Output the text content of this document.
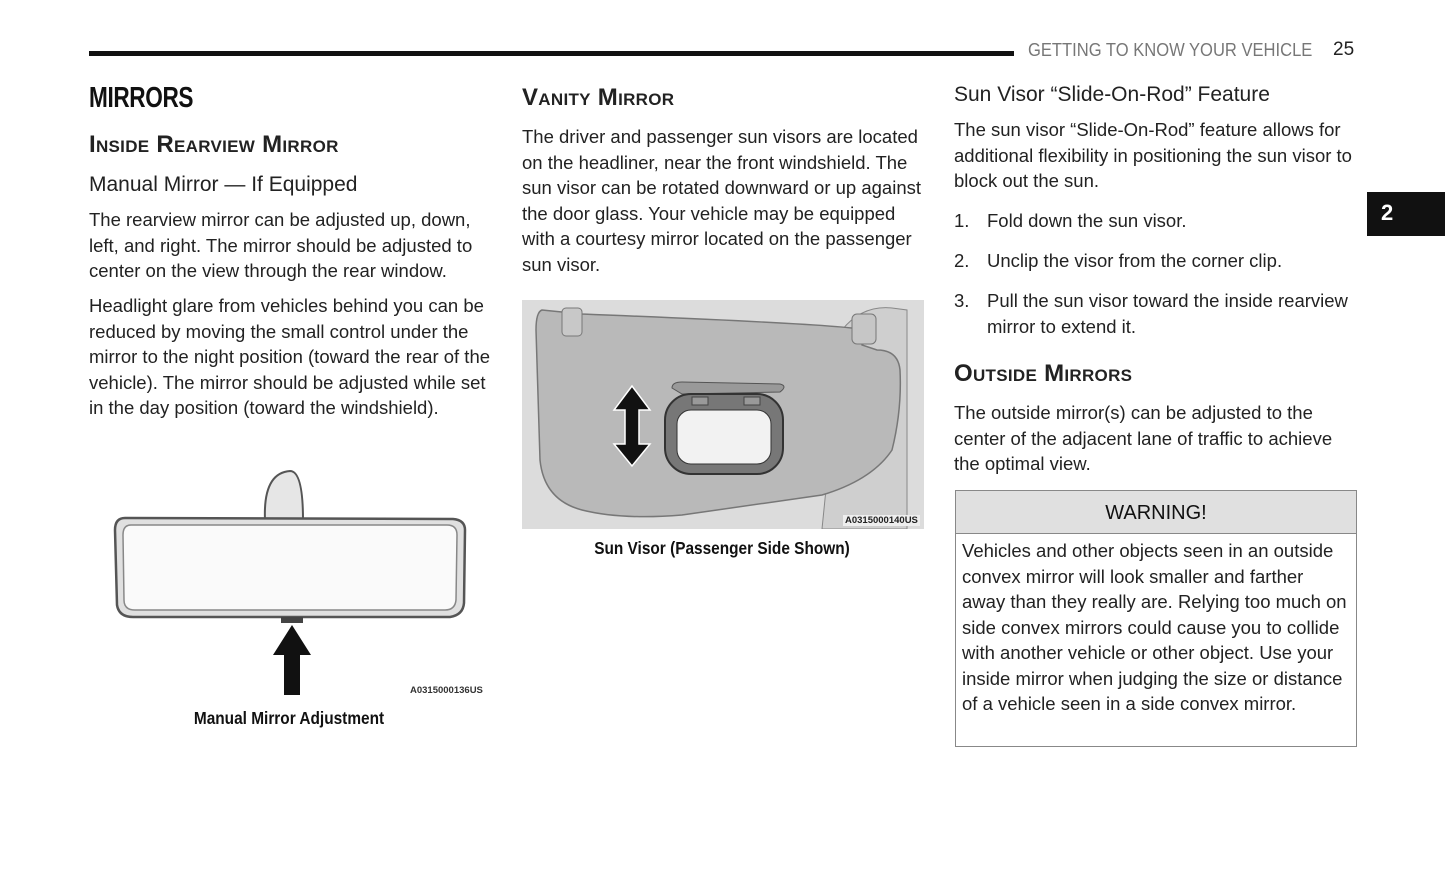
GETTING TO KNOW YOUR VEHICLE 25
2
MIRRORS
Inside Rearview Mirror
Manual Mirror — If Equipped
The rearview mirror can be adjusted up, down, left, and right. The mirror should be adjusted to center on the view through the rear window.
Headlight glare from vehicles behind you can be reduced by moving the small control under the mirror to the night position (toward the rear of the vehicle). The mirror should be adjusted while set in the day position (toward the windshield).
A0315000136US
Manual Mirror Adjustment
Vanity Mirror
The driver and passenger sun visors are located on the headliner, near the front windshield. The sun visor can be rotated downward or up against the door glass. Your vehicle may be equipped with a courtesy mirror located on the passenger sun visor.
A0315000140US
Sun Visor (Passenger Side Shown)
Sun Visor “Slide-On-Rod” Feature
The sun visor “Slide-On-Rod” feature allows for additional flexibility in positioning the sun visor to block out the sun.
1. Fold down the sun visor.
2. Unclip the visor from the corner clip.
3. Pull the sun visor toward the inside rearview mirror to extend it.
Outside Mirrors
The outside mirror(s) can be adjusted to the center of the adjacent lane of traffic to achieve the optimal view.
WARNING!
Vehicles and other objects seen in an outside convex mirror will look smaller and farther away than they really are. Relying too much on side convex mirrors could cause you to collide with another vehicle or other object. Use your inside mirror when judging the size or distance of a vehicle seen in a side convex mirror.
